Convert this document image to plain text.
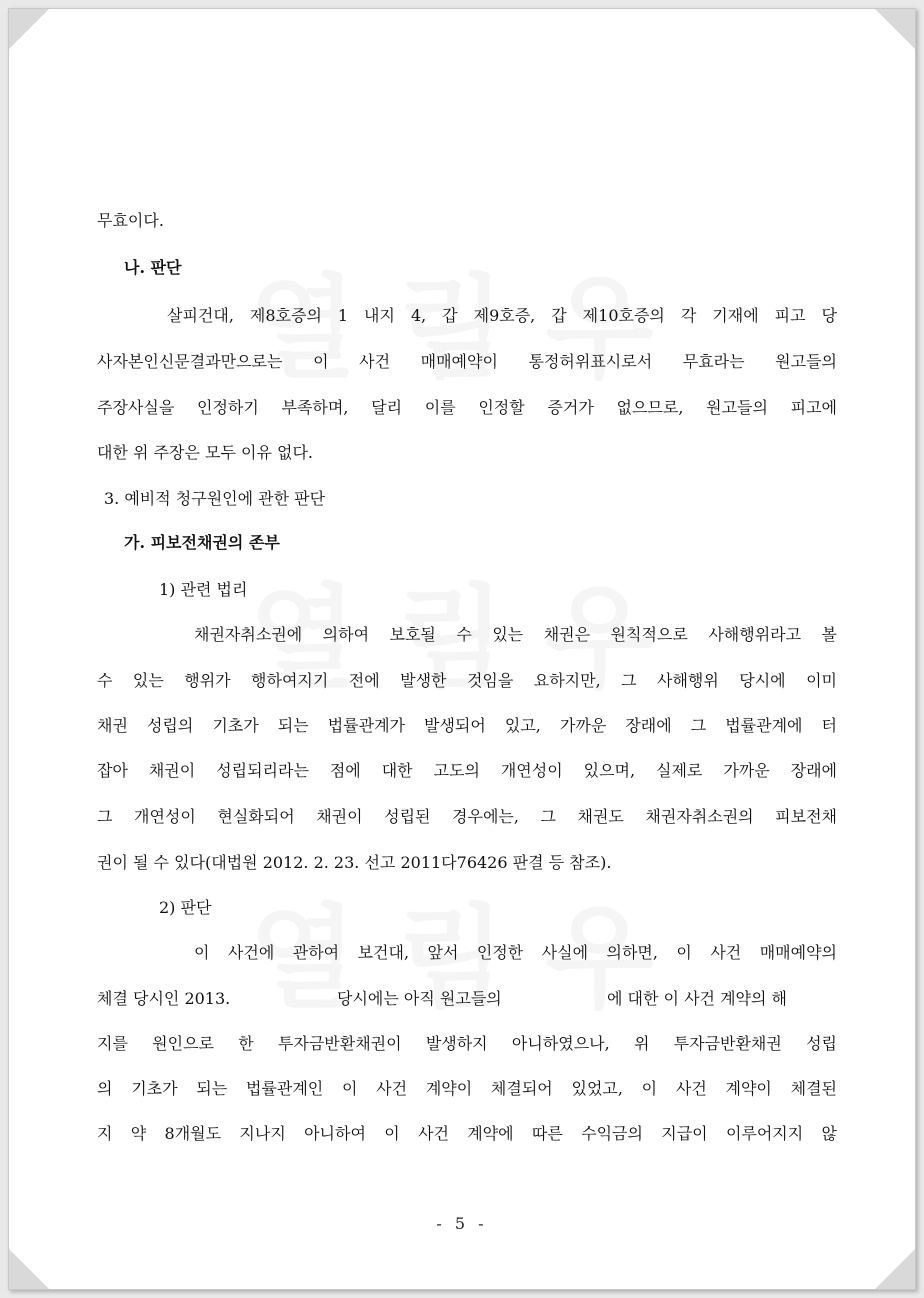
무효이다.
나. 판단
살피건대, 제8호증의 1 내지 4, 갑 제9호증, 갑 제10호증의 각 기재에 피고 당
사자본인신문결과만으로는 이 사건 매매예약이 통정허위표시로서 무효라는 원고들의
주장사실을 인정하기 부족하며, 달리 이를 인정할 증거가 없으므로, 원고들의 피고에
대한 위 주장은 모두 이유 없다.
3. 예비적 청구원인에 관한 판단
가. 피보전채권의 존부
1) 관련 법리
채권자취소권에 의하여 보호될 수 있는 채권은 원칙적으로 사해행위라고 볼
수 있는 행위가 행하여지기 전에 발생한 것임을 요하지만, 그 사해행위 당시에 이미
채권 성립의 기초가 되는 법률관계가 발생되어 있고, 가까운 장래에 그 법률관계에 터
잡아 채권이 성립되리라는 점에 대한 고도의 개연성이 있으며, 실제로 가까운 장래에
그 개연성이 현실화되어 채권이 성립된 경우에는, 그 채권도 채권자취소권의 피보전채
권이 될 수 있다(대법원 2012. 2. 23. 선고 2011다76426 판결 등 참조).
2) 판단
이 사건에 관하여 보건대, 앞서 인정한 사실에 의하면, 이 사건 매매예약의
체결 당시인 2013.	당시에는 아직 원고들의	에 대한 이 사건 계약의 해
지를 원인으로 한 투자금반환채권이 발생하지 아니하였으나, 위 투자금반환채권 성립
의 기초가 되는 법률관계인 이 사건 계약이 체결되어 있었고, 이 사건 계약이 체결된
지 약 8개월도 지나지 아니하여 이 사건 계약에 따른 수익금의 지급이 이루어지지 않
- 5 -
